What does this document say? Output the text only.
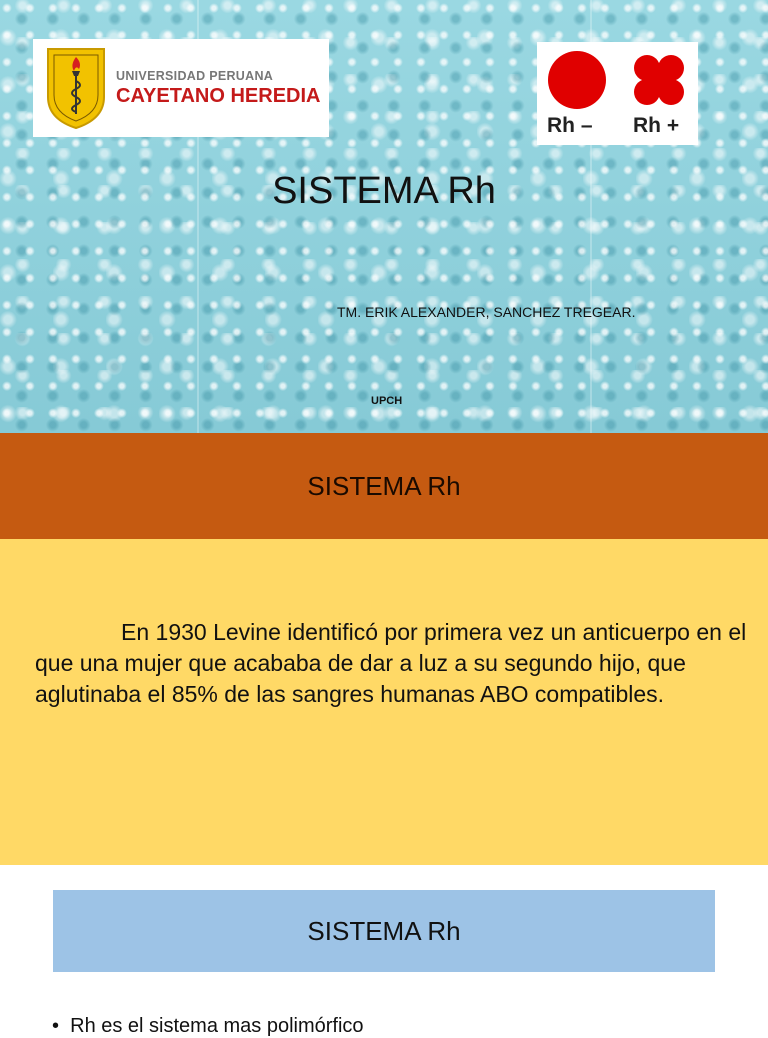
UNIVERSIDAD PERUANA
CAYETANO HEREDIA
Rh – Rh +
SISTEMA Rh
TM. ERIK ALEXANDER, SANCHEZ TREGEAR.
UPCH
SISTEMA Rh
En 1930 Levine identificó por primera vez un anticuerpo en el que una mujer que acababa de dar a luz a su segundo hijo, que aglutinaba el 85% de las sangres humanas ABO compatibles.
SISTEMA Rh
•  Rh es el sistema mas polimórfico
